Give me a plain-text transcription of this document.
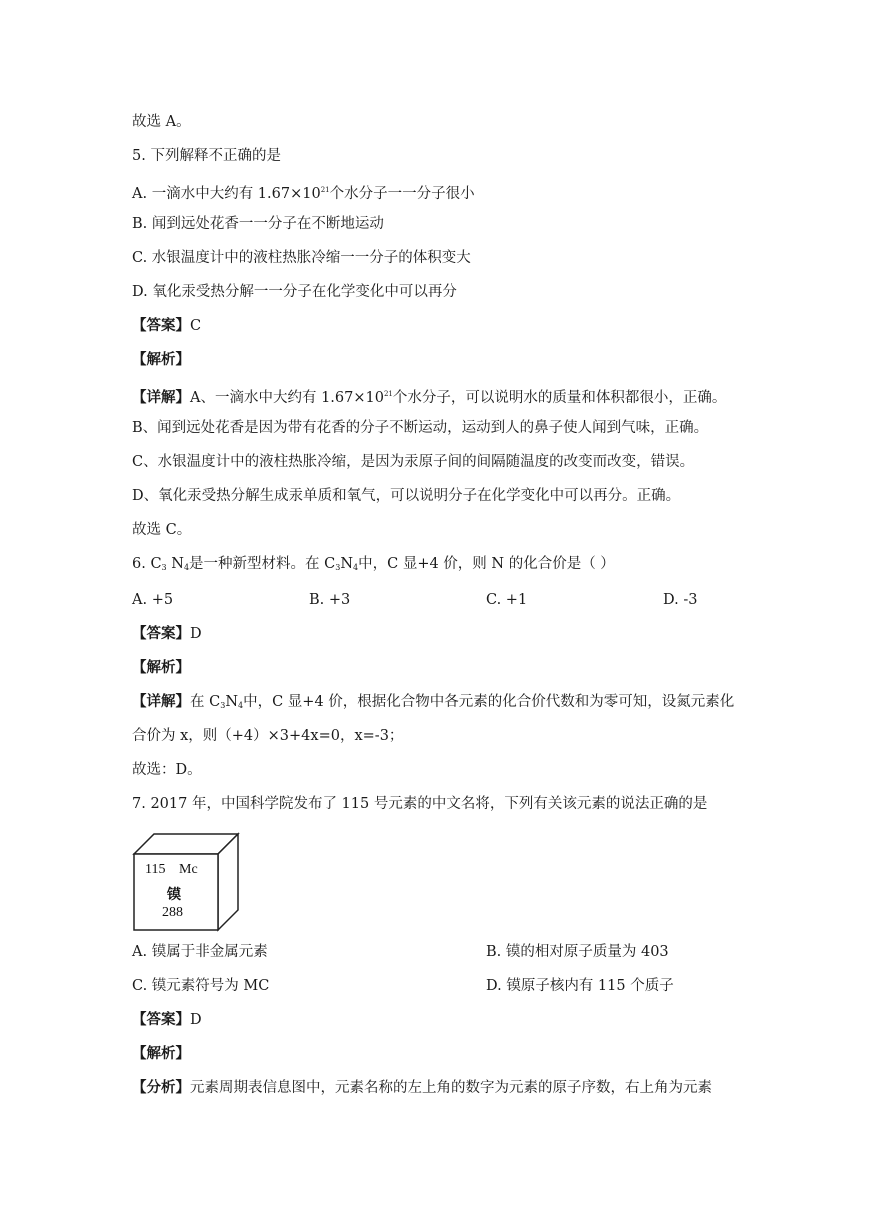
故选 A。
5. 下列解释不正确的是
A. 一滴水中大约有 $1.67\times 10^{21}$个水分子一一分子很小
B. 闻到远处花香一一分子在不断地运动
C. 水银温度计中的液柱热胀冷缩一一分子的体积变大
D. 氧化汞受热分解一一分子在化学变化中可以再分
【答案】C
【解析】
【详解】A、一滴水中大约有 $1.67\times 10^{21}$个水分子，可以说明水的质量和体积都很小，正确。
B、闻到远处花香是因为带有花香的分子不断运动，运动到人的鼻子使人闻到气味，正确。
C、水银温度计中的液柱热胀冷缩，是因为汞原子间的间隔随温度的改变而改变，错误。
D、氧化汞受热分解生成汞单质和氧气，可以说明分子在化学变化中可以再分。正确。
故选 C。
6. $C_3$ $N_4$是一种新型材料。在 $C_3N_4$中，C 显+4 价，则 N 的化合价是（ ）
A. +5	B. +3	C. +1	D. -3
【答案】D
【解析】
【详解】在 $C_3N_4$中，C 显+4 价，根据化合物中各元素的化合价代数和为零可知，设氮元素化
合价为 x，则（+4）×3+4x=0，x=-3；
故选：D。
7. 2017 年，中国科学院发布了 115 号元素的中文名将，下列有关该元素的说法正确的是
115 Mc
镆
288
A. 镆属于非金属元素	B. 镆的相对原子质量为 403
C. 镆元素符号为 MC	D. 镆原子核内有 115 个质子
【答案】D
【解析】
【分析】元素周期表信息图中，元素名称的左上角的数字为元素的原子序数，右上角为元素
